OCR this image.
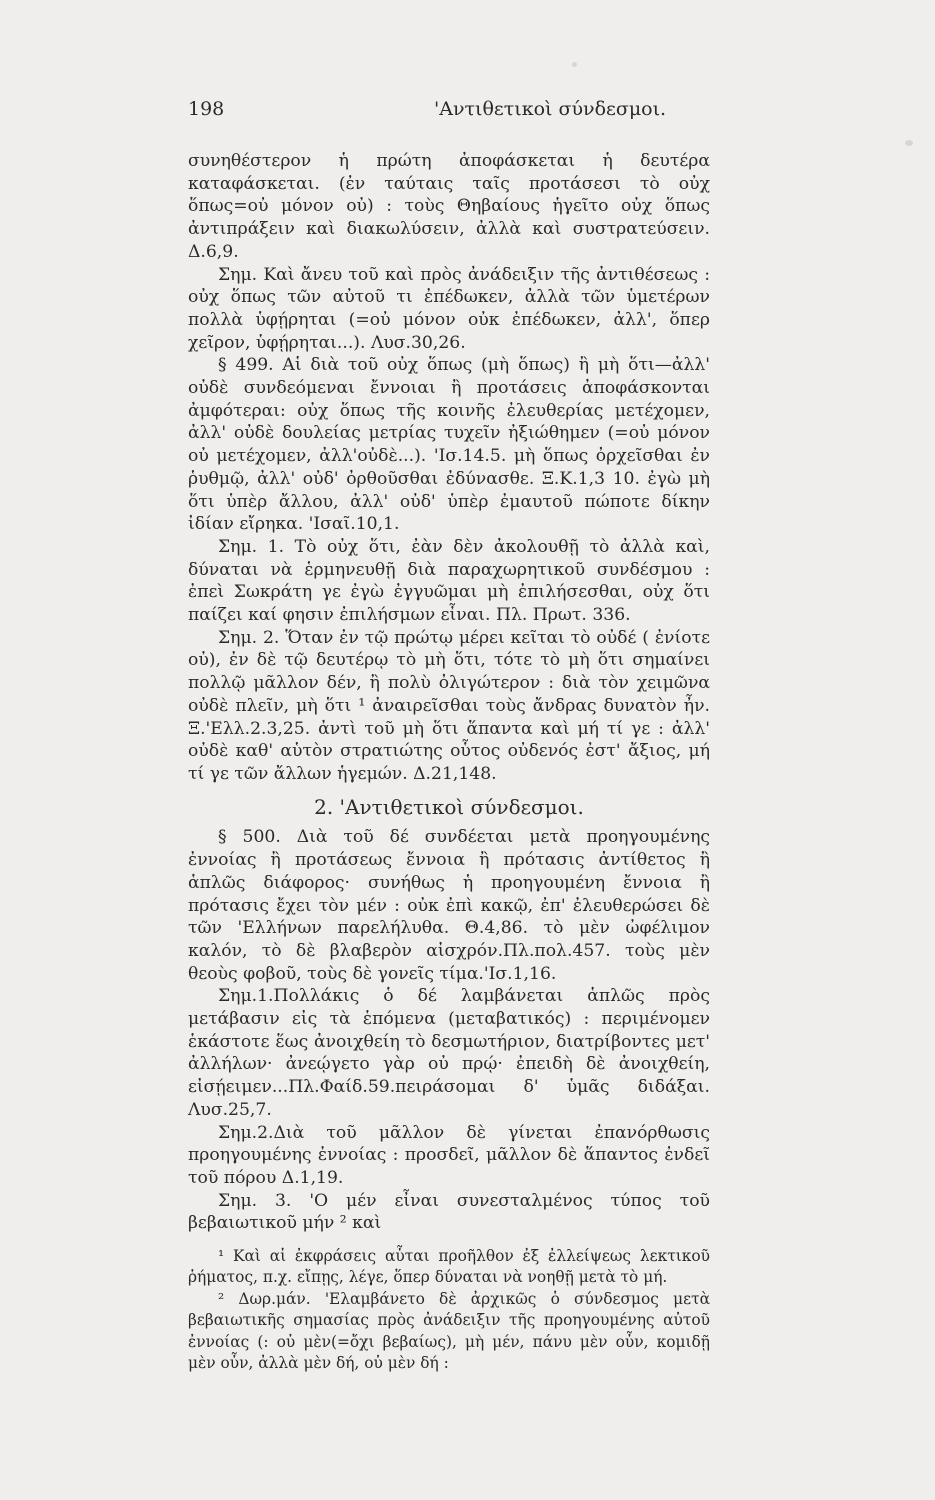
198	'Αντιθετικοὶ σύνδεσμοι.

συνηθέστερον ἡ πρώτη ἀποφάσκεται ἡ δευτέρα καταφάσκεται. (ἐν ταύταις ταῖς προτάσεσι τὸ οὐχ ὅπως=οὐ μόνον οὐ) : τοὺς Θηβαίους ἡγεῖτο οὐχ ὅπως ἀντιπράξειν καὶ διακωλύσειν, ἀλλὰ καὶ συστρατεύσειν. Δ.6,9.

Σημ. Καὶ ἄνευ τοῦ καὶ πρὸς ἀνάδειξιν τῆς ἀντιθέσεως : οὐχ ὅπως τῶν αὐτοῦ τι ἐπέδωκεν, ἀλλὰ τῶν ὑμετέρων πολλὰ ὑφῄρηται (=οὐ μόνον οὐκ ἐπέδωκεν, ἀλλ', ὅπερ χεῖρον, ὑφῄρηται...). Λυσ.30,26.

§ 499. Αἱ διὰ τοῦ οὐχ ὅπως (μὴ ὅπως) ἢ μὴ ὅτι—ἀλλ' οὐδὲ συνδεόμεναι ἔννοιαι ἢ προτάσεις ἀποφάσκονται ἀμφότεραι: οὐχ ὅπως τῆς κοινῆς ἐλευθερίας μετέχομεν, ἀλλ' οὐδὲ δουλείας μετρίας τυχεῖν ἠξιώθημεν (=οὐ μόνον οὐ μετέχομεν, ἀλλ'οὐδὲ...). 'Ισ.14.5. μὴ ὅπως ὀρχεῖσθαι ἐν ῥυθμῷ, ἀλλ' οὐδ' ὀρθοῦσθαι ἐδύνασθε. Ξ.Κ.1,3 10. ἐγὼ μὴ ὅτι ὑπὲρ ἄλλου, ἀλλ' οὐδ' ὑπὲρ ἐμαυτοῦ πώποτε δίκην ἰδίαν εἴρηκα. 'Ισαῖ.10,1.

Σημ. 1. Τὸ οὐχ ὅτι, ἐὰν δὲν ἀκολουθῇ τὸ ἀλλὰ καὶ, δύναται νὰ ἑρμηνευθῇ διὰ παραχωρητικοῦ συνδέσμου : ἐπεὶ Σωκράτη γε ἐγὼ ἐγγυῶμαι μὴ ἐπιλήσεσθαι, οὐχ ὅτι παίζει καί φησιν ἐπιλήσμων εἶναι. Πλ. Πρωτ. 336.

Σημ. 2. Ὅταν ἐν τῷ πρώτῳ μέρει κεῖται τὸ οὐδέ ( ἐνίοτε οὐ), ἐν δὲ τῷ δευτέρῳ τὸ μὴ ὅτι, τότε τὸ μὴ ὅτι σημαίνει πολλῷ μᾶλλον δέν, ἢ πολὺ ὀλιγώτερον : διὰ τὸν χειμῶνα οὐδὲ πλεῖν, μὴ ὅτι ¹ ἀναιρεῖσθαι τοὺς ἄνδρας δυνατὸν ἦν. Ξ.'Ελλ.2.3,25. ἀντὶ τοῦ μὴ ὅτι ἅπαντα καὶ μή τί γε : ἀλλ' οὐδὲ καθ' αὑτὸν στρατιώτης οὗτος οὐδενός ἐστ' ἄξιος, μή τί γε τῶν ἄλλων ἡγεμών. Δ.21,148.

2. 'Αντιθετικοὶ σύνδεσμοι.

§ 500. Διὰ τοῦ δέ συνδέεται μετὰ προηγουμένης ἐννοίας ἢ προτάσεως ἔννοια ἢ πρότασις ἀντίθετος ἢ ἁπλῶς διάφορος· συνήθως ἡ προηγουμένη ἔννοια ἢ πρότασις ἔχει τὸν μέν : οὐκ ἐπὶ κακῷ, ἐπ' ἐλευθερώσει δὲ τῶν 'Ελλήνων παρελήλυθα. Θ.4,86. τὸ μὲν ὠφέλιμον καλόν, τὸ δὲ βλαβερὸν αἰσχρόν.Πλ.πολ.457. τοὺς μὲν θεοὺς φοβοῦ, τοὺς δὲ γονεῖς τίμα.'Ισ.1,16.

Σημ.1.Πολλάκις ὁ δέ λαμβάνεται ἁπλῶς πρὸς μετάβασιν εἰς τὰ ἑπόμενα (μεταβατικός) : περιμένομεν ἑκάστοτε ἕως ἀνοιχθείη τὸ δεσμωτήριον, διατρίβοντες μετ' ἀλλήλων· ἀνεῴγετο γὰρ οὐ πρῴ· ἐπειδὴ δὲ ἀνοιχθείη, εἰσῄειμεν...Πλ.Φαίδ.59.πειράσομαι δ' ὑμᾶς διδάξαι. Λυσ.25,7.

Σημ.2.Διὰ τοῦ μᾶλλον δὲ γίνεται ἐπανόρθωσις προηγουμένης ἐννοίας : προσδεῖ, μᾶλλον δὲ ἅπαντος ἐνδεῖ τοῦ πόρου Δ.1,19.

Σημ. 3. 'Ο μέν εἶναι συνεσταλμένος τύπος τοῦ βεβαιωτικοῦ μήν ² καὶ

¹ Καὶ αἱ ἐκφράσεις αὗται προῆλθον ἐξ ἐλλείψεως λεκτικοῦ ῥήματος, π.χ. εἴπῃς, λέγε, ὅπερ δύναται νὰ νοηθῇ μετὰ τὸ μή.

² Δωρ.μάν. 'Ελαμβάνετο δὲ ἀρχικῶς ὁ σύνδεσμος μετὰ βεβαιωτικῆς σημασίας πρὸς ἀνάδειξιν τῆς προηγουμένης αὐτοῦ ἐννοίας (: οὐ μὲν(=ὄχι βεβαίως), μὴ μέν, πάνυ μὲν οὖν, κομιδῇ μὲν οὖν, ἀλλὰ μὲν δή, οὐ μὲν δή :
